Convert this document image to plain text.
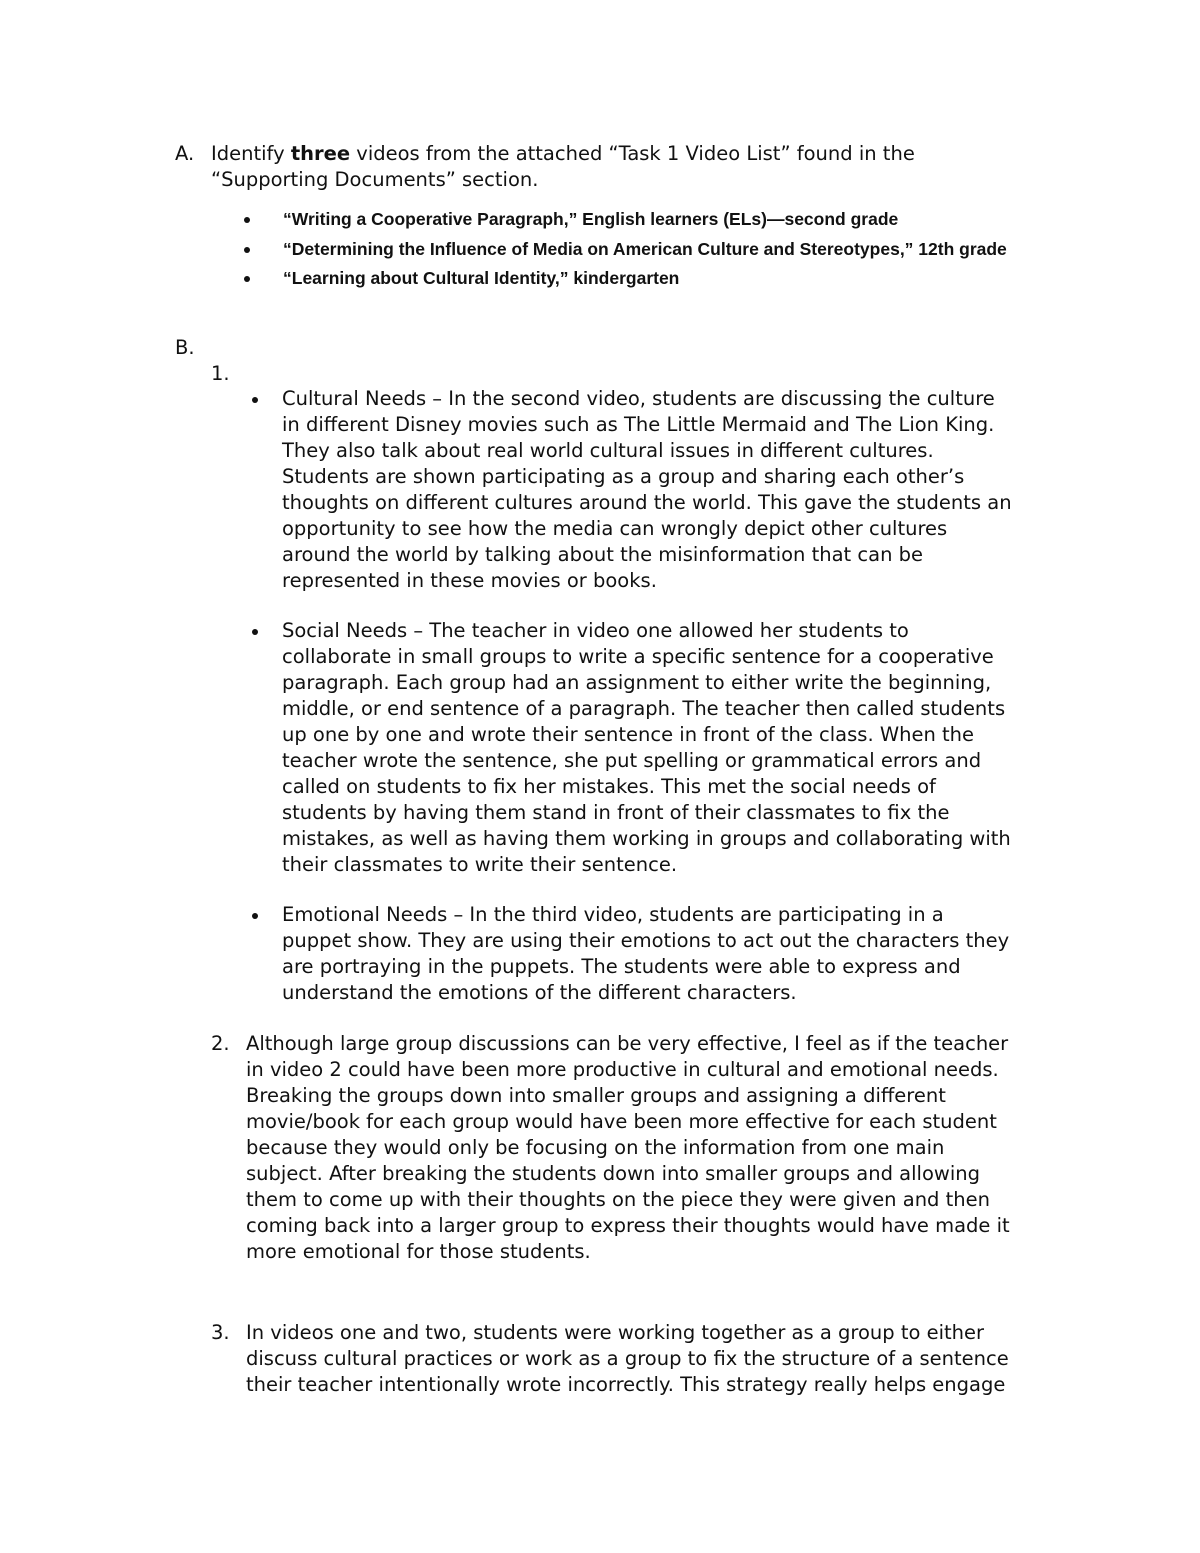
A. Identify three videos from the attached “Task 1 Video List” found in the “Supporting Documents” section.
“Writing a Cooperative Paragraph,” English learners (ELs)—second grade
“Determining the Influence of Media on American Culture and Stereotypes,” 12th grade
“Learning about Cultural Identity,” kindergarten
B.
1.
Cultural Needs – In the second video, students are discussing the culture
in different Disney movies such as The Little Mermaid and The Lion King.
They also talk about real world cultural issues in different cultures.
Students are shown participating as a group and sharing each other’s
thoughts on different cultures around the world. This gave the students an
opportunity to see how the media can wrongly depict other cultures
around the world by talking about the misinformation that can be
represented in these movies or books.
Social Needs – The teacher in video one allowed her students to
collaborate in small groups to write a specific sentence for a cooperative
paragraph. Each group had an assignment to either write the beginning,
middle, or end sentence of a paragraph. The teacher then called students
up one by one and wrote their sentence in front of the class. When the
teacher wrote the sentence, she put spelling or grammatical errors and
called on students to fix her mistakes. This met the social needs of
students by having them stand in front of their classmates to fix the
mistakes, as well as having them working in groups and collaborating with
their classmates to write their sentence.
Emotional Needs – In the third video, students are participating in a
puppet show. They are using their emotions to act out the characters they
are portraying in the puppets. The students were able to express and
understand the emotions of the different characters.
2. Although large group discussions can be very effective, I feel as if the teacher
in video 2 could have been more productive in cultural and emotional needs.
Breaking the groups down into smaller groups and assigning a different
movie/book for each group would have been more effective for each student
because they would only be focusing on the information from one main
subject. After breaking the students down into smaller groups and allowing
them to come up with their thoughts on the piece they were given and then
coming back into a larger group to express their thoughts would have made it
more emotional for those students.
3. In videos one and two, students were working together as a group to either
discuss cultural practices or work as a group to fix the structure of a sentence
their teacher intentionally wrote incorrectly. This strategy really helps engage
